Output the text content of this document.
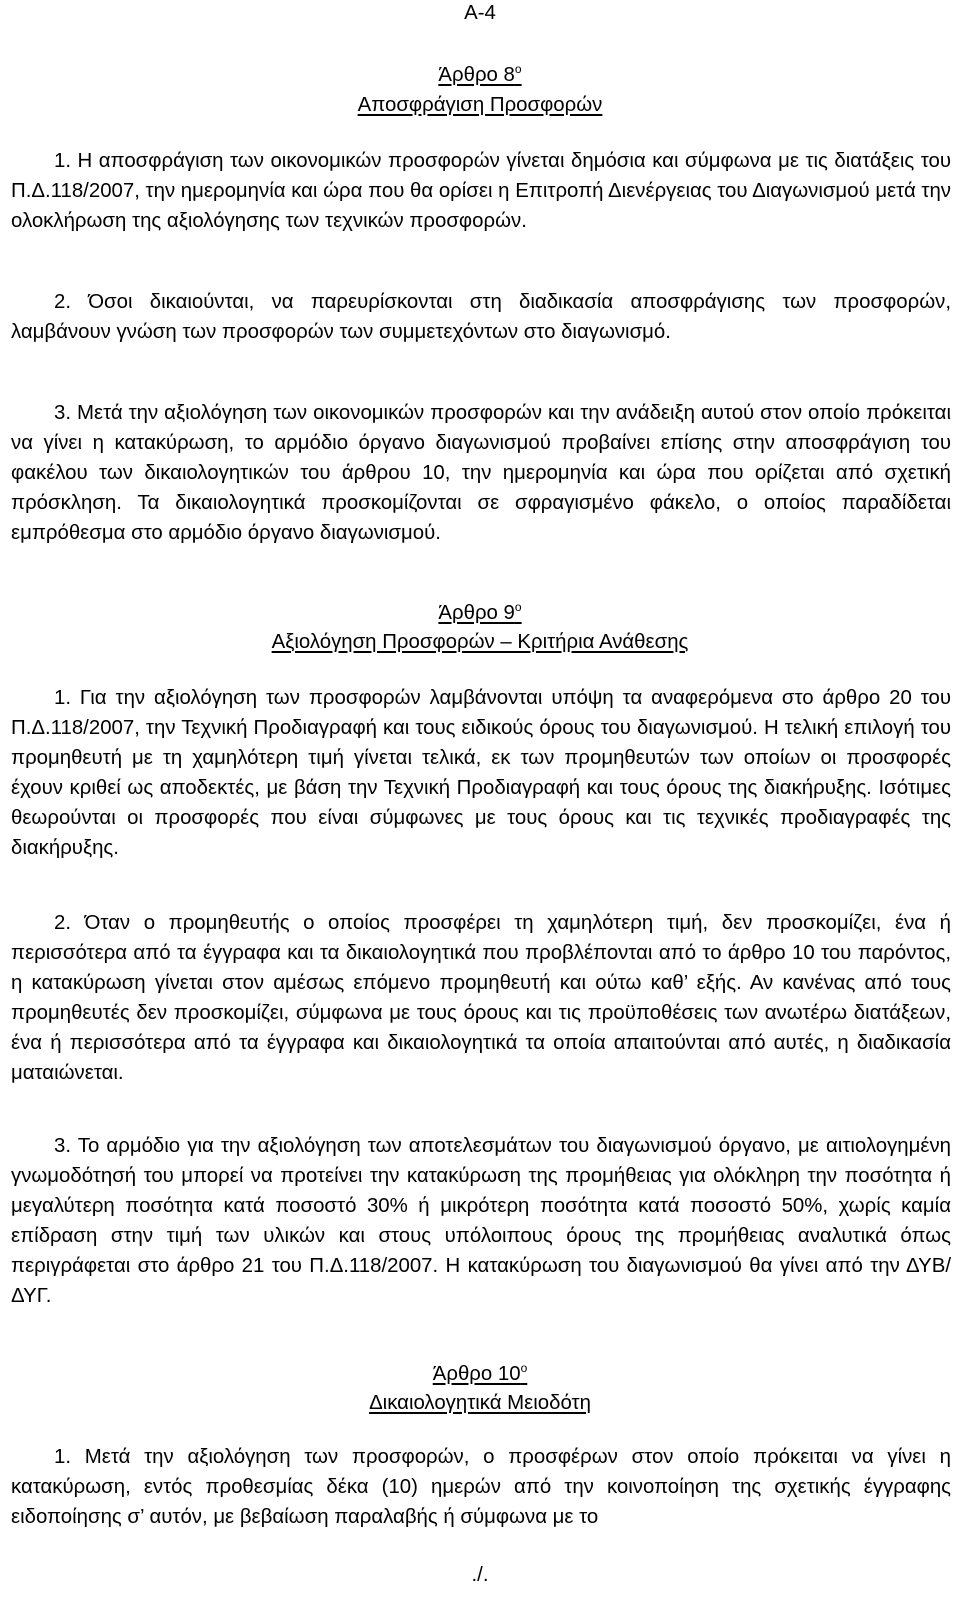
Α-4
Άρθρο $8^o$
Αποσφράγιση Προσφορών
1. Η αποσφράγιση των οικονομικών προσφορών γίνεται δημόσια και σύμφωνα με τις διατάξεις του Π.Δ.118/2007, την ημερομηνία και ώρα που θα ορίσει η Επιτροπή Διενέργειας του Διαγωνισμού μετά την ολοκλήρωση της αξιολόγησης των τεχνικών προσφορών.
2. Όσοι δικαιούνται, να παρευρίσκονται στη διαδικασία αποσφράγισης των προσφορών, λαμβάνουν γνώση των προσφορών των συμμετεχόντων στο διαγωνισμό.
3. Μετά την αξιολόγηση των οικονομικών προσφορών και την ανάδειξη αυτού στον οποίο πρόκειται να γίνει η κατακύρωση, το αρμόδιο όργανο διαγωνισμού προβαίνει επίσης στην αποσφράγιση του φακέλου των δικαιολογητικών του άρθρου 10, την ημερομηνία και ώρα που ορίζεται από σχετική πρόσκληση. Τα δικαιολογητικά προσκομίζονται σε σφραγισμένο φάκελο, ο οποίος παραδίδεται εμπρόθεσμα στο αρμόδιο όργανο διαγωνισμού.
Άρθρο $9^o$
Αξιολόγηση Προσφορών – Κριτήρια Ανάθεσης
1. Για την αξιολόγηση των προσφορών λαμβάνονται υπόψη τα αναφερόμενα στο άρθρο 20 του Π.Δ.118/2007, την Τεχνική Προδιαγραφή και τους ειδικούς όρους του διαγωνισμού. Η τελική επιλογή του προμηθευτή με τη χαμηλότερη τιμή γίνεται τελικά, εκ των προμηθευτών των οποίων οι προσφορές έχουν κριθεί ως αποδεκτές, με βάση την Τεχνική Προδιαγραφή και τους όρους της διακήρυξης. Ισότιμες θεωρούνται οι προσφορές που είναι σύμφωνες με τους όρους και τις τεχνικές προδιαγραφές της διακήρυξης.
2. Όταν ο προμηθευτής ο οποίος προσφέρει τη χαμηλότερη τιμή, δεν προσκομίζει, ένα ή περισσότερα από τα έγγραφα και τα δικαιολογητικά που προβλέπονται από το άρθρο 10 του παρόντος, η κατακύρωση γίνεται στον αμέσως επόμενο προμηθευτή και ούτω καθ’ εξής. Αν κανένας από τους προμηθευτές δεν προσκομίζει, σύμφωνα με τους όρους και τις προϋποθέσεις των ανωτέρω διατάξεων, ένα ή περισσότερα από τα έγγραφα και δικαιολογητικά τα οποία απαιτούνται από αυτές, η διαδικασία ματαιώνεται.
3. Το αρμόδιο για την αξιολόγηση των αποτελεσμάτων του διαγωνισμού όργανο, με αιτιολογημένη γνωμοδότησή του μπορεί να προτείνει την κατακύρωση της προμήθειας για ολόκληρη την ποσότητα ή μεγαλύτερη ποσότητα κατά ποσοστό 30% ή μικρότερη ποσότητα κατά ποσοστό 50%, χωρίς καμία επίδραση στην τιμή των υλικών και στους υπόλοιπους όρους της προμήθειας αναλυτικά όπως περιγράφεται στο άρθρο 21 του Π.Δ.118/2007. Η κατακύρωση του διαγωνισμού θα γίνει από την ΔΥΒ/ΔΥΓ.
Άρθρο $10^o$
Δικαιολογητικά Μειοδότη
1. Μετά την αξιολόγηση των προσφορών, ο προσφέρων στον οποίο πρόκειται να γίνει η κατακύρωση, εντός προθεσμίας δέκα (10) ημερών από την κοινοποίηση της σχετικής έγγραφης ειδοποίησης σ’ αυτόν, με βεβαίωση παραλαβής ή σύμφωνα με το
./.
